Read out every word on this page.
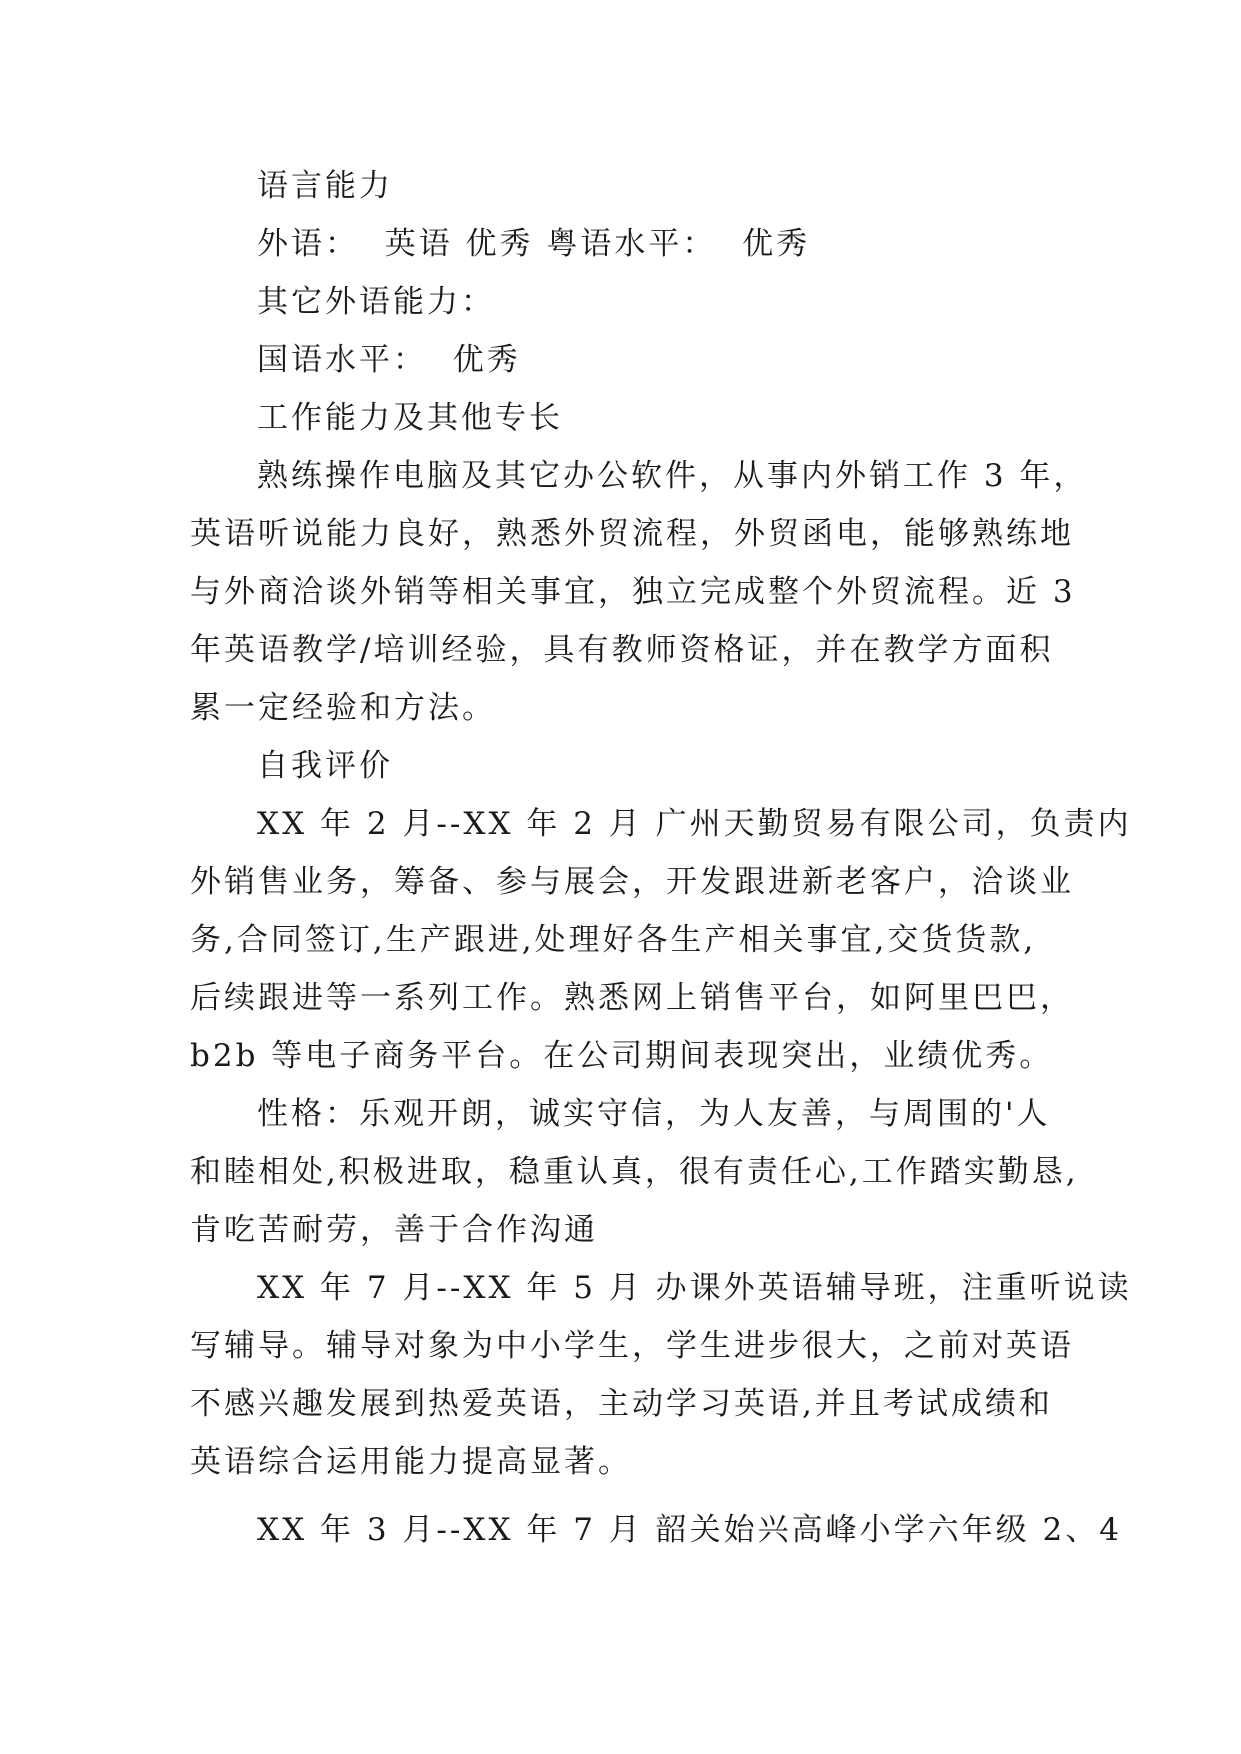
语言能力
外语：  英语 优秀 粤语水平：  优秀
其它外语能力：
国语水平：  优秀
工作能力及其他专长
熟练操作电脑及其它办公软件，从事内外销工作 3 年，
英语听说能力良好，熟悉外贸流程，外贸函电，能够熟练地
与外商洽谈外销等相关事宜，独立完成整个外贸流程。近 3
年英语教学/培训经验，具有教师资格证，并在教学方面积
累一定经验和方法。
自我评价
XX 年 2 月--XX 年 2 月 广州天勤贸易有限公司，负责内
外销售业务，筹备、参与展会，开发跟进新老客户，洽谈业
务,合同签订,生产跟进,处理好各生产相关事宜,交货货款,
后续跟进等一系列工作。熟悉网上销售平台，如阿里巴巴，
b2b 等电子商务平台。在公司期间表现突出，业绩优秀。
性格：乐观开朗，诚实守信，为人友善，与周围的'人
和睦相处,积极进取，稳重认真，很有责任心,工作踏实勤恳,
肯吃苦耐劳，善于合作沟通
XX 年 7 月--XX 年 5 月 办课外英语辅导班，注重听说读
写辅导。辅导对象为中小学生，学生进步很大，之前对英语
不感兴趣发展到热爱英语，主动学习英语,并且考试成绩和
英语综合运用能力提高显著。
XX 年 3 月--XX 年 7 月 韶关始兴高峰小学六年级 2、4
